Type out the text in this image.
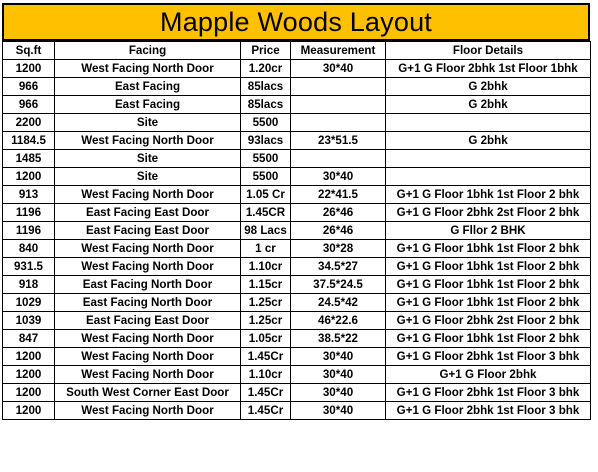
Mapple Woods Layout
Sq.ft	Facing	Price	Measurement	Floor Details
1200	West Facing North Door	1.20cr	30*40	G+1 G Floor 2bhk 1st Floor 1bhk
966	East Facing	85lacs		G 2bhk
966	East Facing	85lacs		G 2bhk
2200	Site	5500		
1184.5	West Facing North Door	93lacs	23*51.5	G 2bhk
1485	Site	5500		
1200	Site	5500	30*40	
913	West Facing North Door	1.05 Cr	22*41.5	G+1 G Floor 1bhk 1st Floor 2 bhk
1196	East Facing East Door	1.45CR	26*46	G+1 G Floor 2bhk 2st Floor 2 bhk
1196	East Facing East Door	98 Lacs	26*46	G Fllor 2 BHK
840	West Facing North Door	1 cr	30*28	G+1 G Floor 1bhk 1st Floor 2 bhk
931.5	West Facing North Door	1.10cr	34.5*27	G+1 G Floor 1bhk 1st Floor 2 bhk
918	East Facing North Door	1.15cr	37.5*24.5	G+1 G Floor 1bhk 1st Floor 2 bhk
1029	East Facing North Door	1.25cr	24.5*42	G+1 G Floor 1bhk 1st Floor 2 bhk
1039	East Facing East Door	1.25cr	46*22.6	G+1 G Floor 2bhk 2st Floor 2 bhk
847	West Facing North Door	1.05cr	38.5*22	G+1 G Floor 1bhk 1st Floor 2 bhk
1200	West Facing North Door	1.45Cr	30*40	G+1 G Floor 2bhk 1st Floor 3 bhk
1200	West Facing North Door	1.10cr	30*40	G+1 G Floor 2bhk
1200	South West Corner East Door	1.45Cr	30*40	G+1 G Floor 2bhk 1st Floor 3 bhk
1200	West Facing North Door	1.45Cr	30*40	G+1 G Floor 2bhk 1st Floor 3 bhk
